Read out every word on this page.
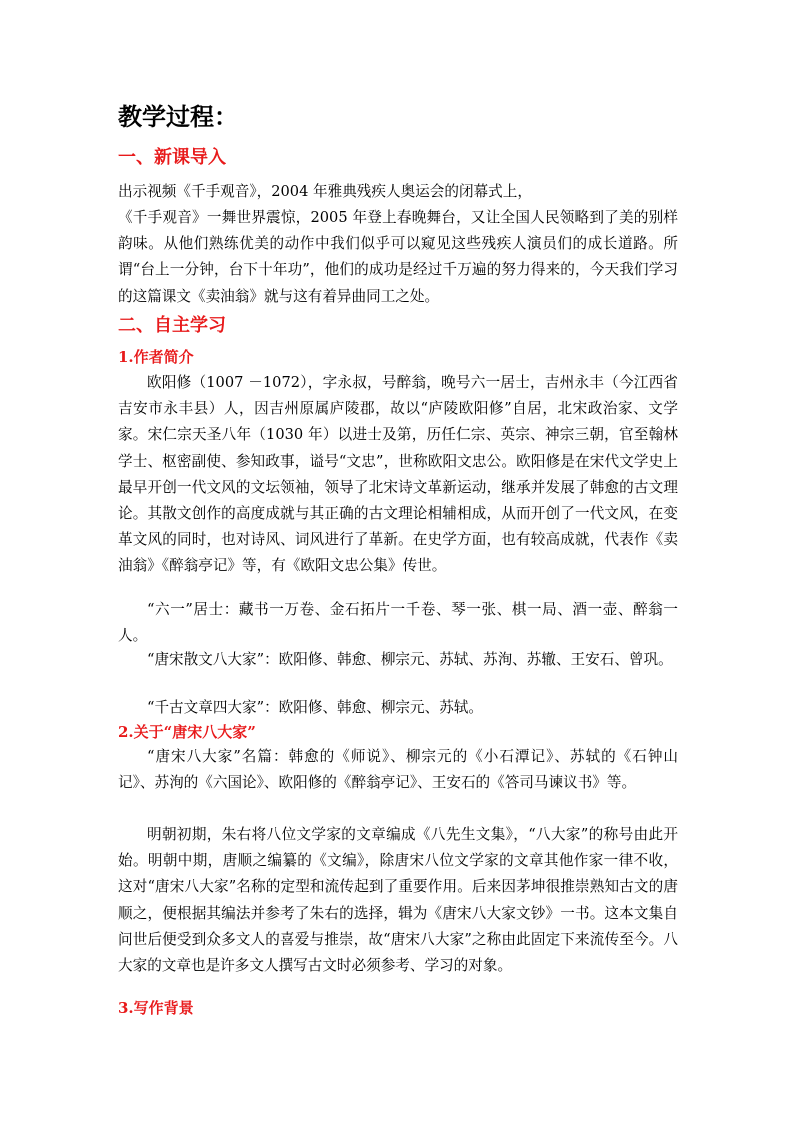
教学过程：
一、新课导入
出示视频《千手观音》，2004 年雅典残疾人奥运会的闭幕式上，
《千手观音》一舞世界震惊，2005 年登上春晚舞台，又让全国人民领略到了美的别样韵味。从他们熟练优美的动作中我们似乎可以窥见这些残疾人演员们的成长道路。所谓“台上一分钟，台下十年功”，他们的成功是经过千万遍的努力得来的，今天我们学习的这篇课文《卖油翁》就与这有着异曲同工之处。
二、自主学习
1.作者简介
欧阳修（1007 －1072），字永叔，号醉翁，晚号六一居士，吉州永丰（今江西省吉安市永丰县）人，因吉州原属庐陵郡，故以“庐陵欧阳修”自居，北宋政治家、文学家。宋仁宗天圣八年（1030 年）以进士及第，历任仁宗、英宗、神宗三朝，官至翰林学士、枢密副使、参知政事，谥号“文忠”，世称欧阳文忠公。欧阳修是在宋代文学史上最早开创一代文风的文坛领袖，领导了北宋诗文革新运动，继承并发展了韩愈的古文理论。其散文创作的高度成就与其正确的古文理论相辅相成，从而开创了一代文风，在变革文风的同时，也对诗风、词风进行了革新。在史学方面，也有较高成就，代表作《卖油翁》《醉翁亭记》等，有《欧阳文忠公集》传世。
“六一”居士：藏书一万卷、金石拓片一千卷、琴一张、棋一局、酒一壶、醉翁一人。
“唐宋散文八大家”：欧阳修、韩愈、柳宗元、苏轼、苏洵、苏辙、王安石、曾巩。
“千古文章四大家”：欧阳修、韩愈、柳宗元、苏轼。
2.关于“唐宋八大家”
“唐宋八大家”名篇：韩愈的《师说》、柳宗元的《小石潭记》、苏轼的《石钟山记》、苏洵的《六国论》、欧阳修的《醉翁亭记》、王安石的《答司马谏议书》等。
明朝初期，朱右将八位文学家的文章编成《八先生文集》，“八大家”的称号由此开始。明朝中期，唐顺之编纂的《文编》，除唐宋八位文学家的文章其他作家一律不收，这对“唐宋八大家”名称的定型和流传起到了重要作用。后来因茅坤很推崇熟知古文的唐顺之，便根据其编法并参考了朱右的选择，辑为《唐宋八大家文钞》一书。这本文集自问世后便受到众多文人的喜爱与推崇，故“唐宋八大家”之称由此固定下来流传至今。八大家的文章也是许多文人撰写古文时必须参考、学习的对象。
3.写作背景
